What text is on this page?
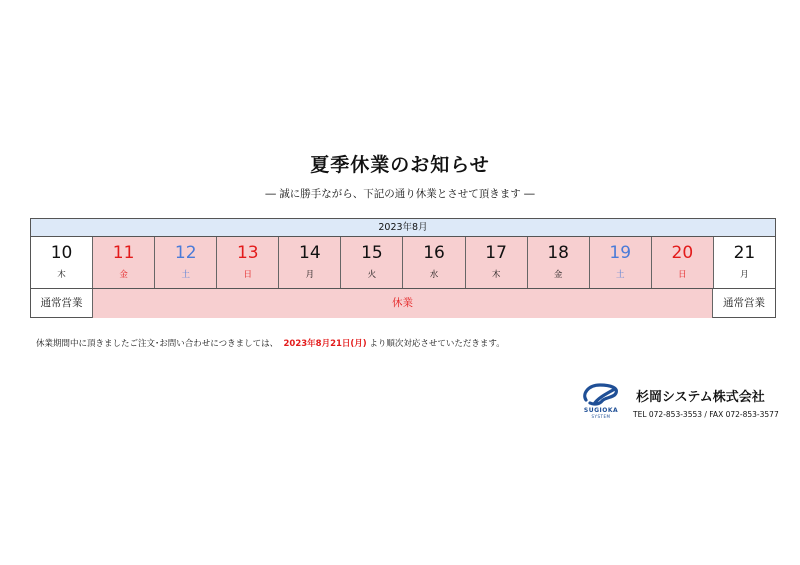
夏季休業のお知らせ
― 誠に勝手ながら、下記の通り休業とさせて頂きます ―
2023年8月
10
木
11
金
12
土
13
日
14
月
15
火
16
水
17
木
18
金
19
土
20
日
21
月
通常営業	休業	通常営業
休業期間中に頂きましたご注文･お問い合わせにつきましては、 2023年8月21日(月) より順次対応させていただきます。
SUGIOKA
SYSTEM
杉岡システム株式会社
TEL 072-853-3553 / FAX 072-853-3577
